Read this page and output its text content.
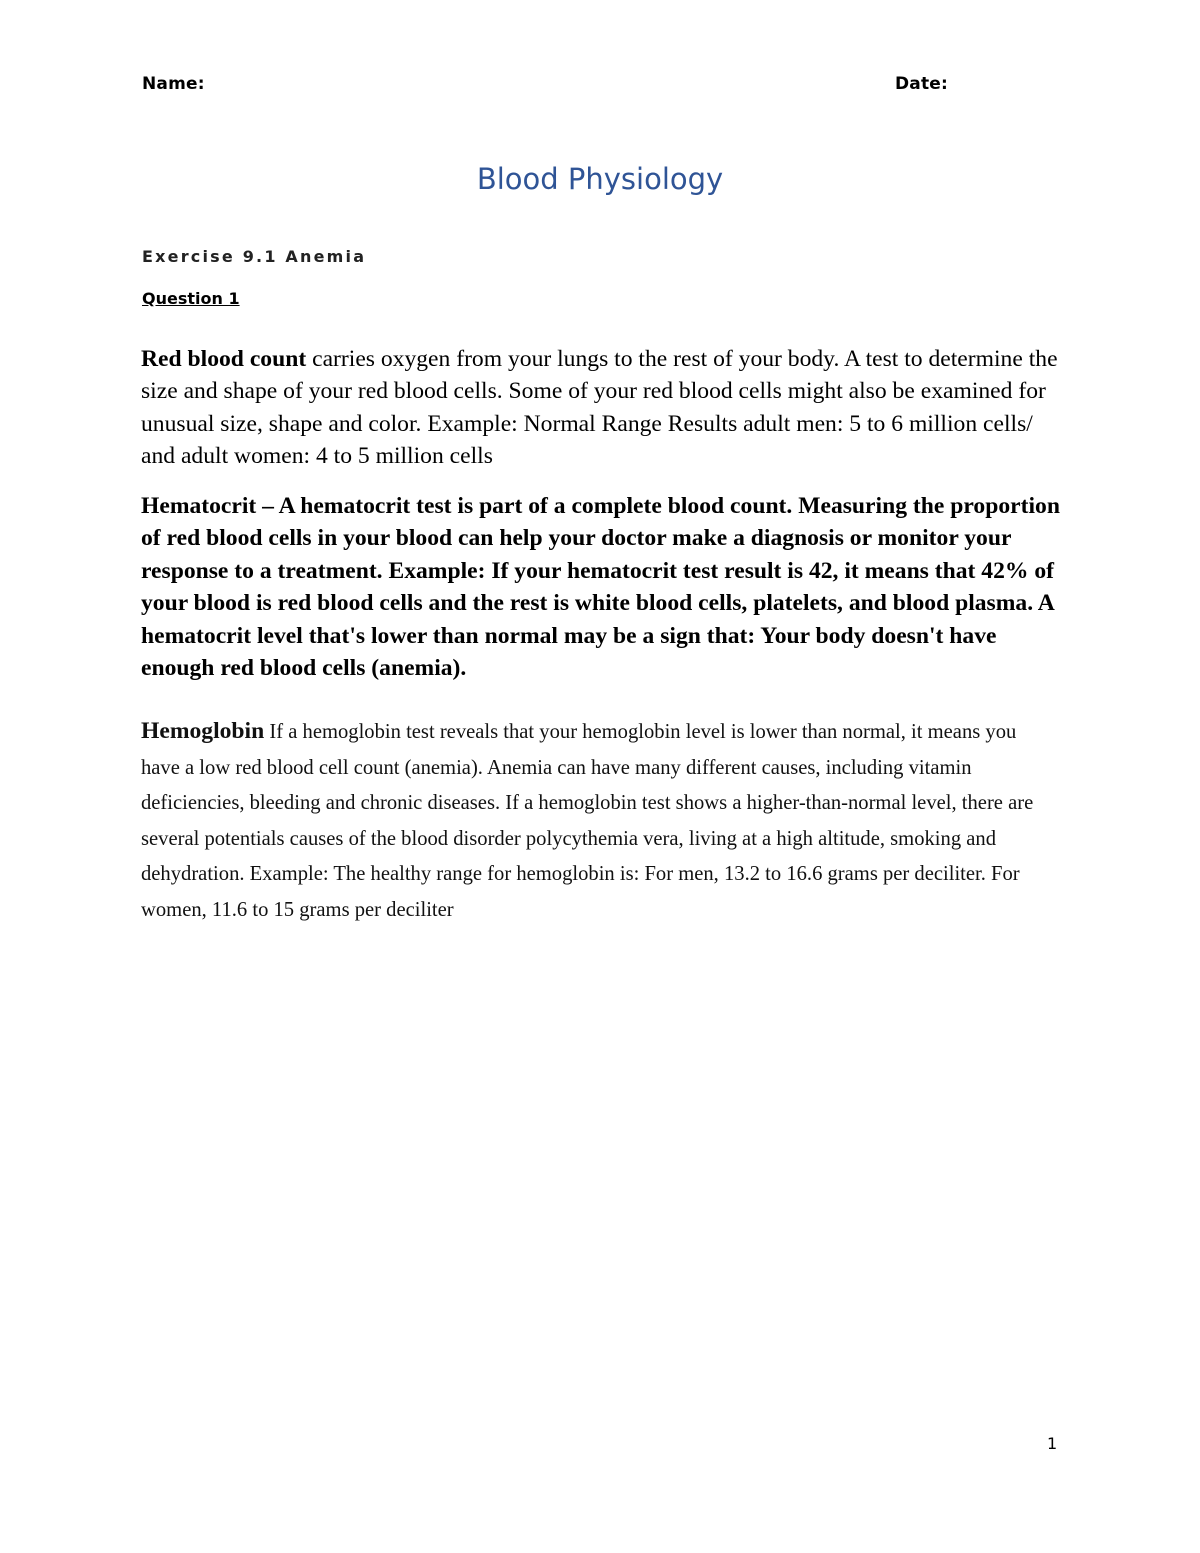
Name:	Date:
Blood Physiology
Exercise 9.1 Anemia
Question 1

Red blood count carries oxygen from your lungs to the rest of your body. A test to determine the size and shape of your red blood cells. Some of your red blood cells might also be examined for unusual size, shape and color. Example: Normal Range Results adult men: 5 to 6 million cells/ and adult women: 4 to 5 million cells

Hematocrit – A hematocrit test is part of a complete blood count. Measuring the proportion of red blood cells in your blood can help your doctor make a diagnosis or monitor your response to a treatment. Example: If your hematocrit test result is 42, it means that 42% of your blood is red blood cells and the rest is white blood cells, platelets, and blood plasma. A hematocrit level that's lower than normal may be a sign that: Your body doesn't have enough red blood cells (anemia).

Hemoglobin If a hemoglobin test reveals that your hemoglobin level is lower than normal, it means you have a low red blood cell count (anemia). Anemia can have many different causes, including vitamin deficiencies, bleeding and chronic diseases. If a hemoglobin test shows a higher-than-normal level, there are several potentials causes of the blood disorder polycythemia vera, living at a high altitude, smoking and dehydration. Example: The healthy range for hemoglobin is: For men, 13.2 to 16.6 grams per deciliter. For women, 11.6 to 15 grams per deciliter

1
